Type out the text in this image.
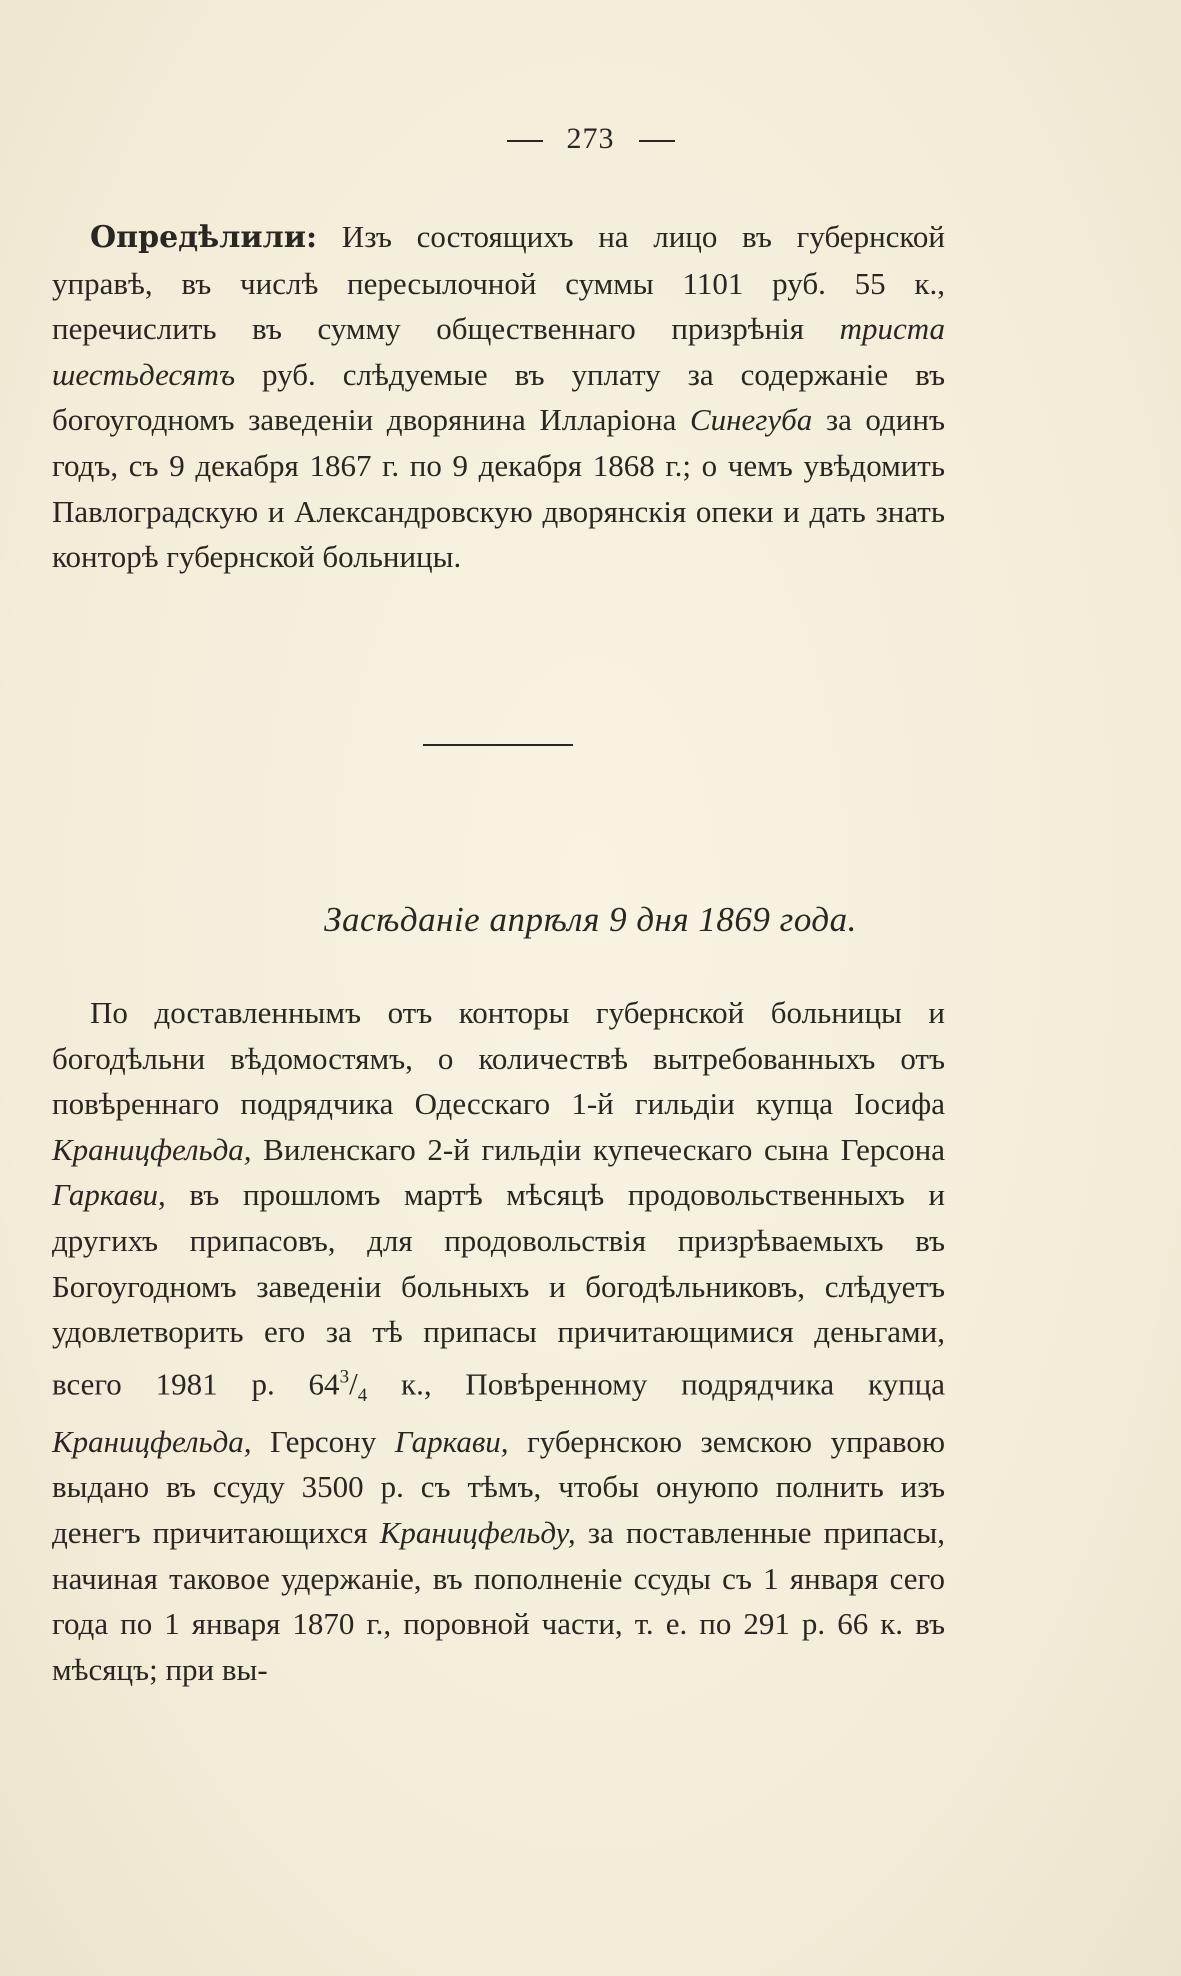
273
Опредѣлили: Изъ состоящихъ на лицо въ губернской управѣ, въ числѣ пересылочной суммы 1101 руб. 55 к., перечислить въ сумму общественнаго призрѣнія триста шестьдесятъ руб. слѣдуемые въ уплату за содержаніе въ богоугодномъ заведеніи дворянина Илларіона Синегуба за одинъ годъ, съ 9 декабря 1867 г. по 9 декабря 1868 г.; о чемъ увѣдомить Павлоградскую и Александровскую дворянскія опеки и дать знать конторѣ губернской больницы.
Засѣданіе апрѣля 9 дня 1869 года.
По доставленнымъ отъ конторы губернской больницы и богодѣльни вѣдомостямъ, о количествѣ вытребованныхъ отъ повѣреннаго подрядчика Одесскаго 1-й гильдіи купца Іосифа Краницфельда, Виленскаго 2-й гильдіи купеческаго сына Герсона Гаркави, въ прошломъ мартѣ мѣсяцѣ продовольственныхъ и другихъ припасовъ, для продовольствія призрѣваемыхъ въ Богоугодномъ заведеніи больныхъ и богодѣльниковъ, слѣдуетъ удовлетворить его за тѣ припасы причитающимися деньгами, всего 1981 р. $64^3/_4$ к., Повѣренному подрядчика купца Краницфельда, Герсону Гаркави, губернскою земскою управою выдано въ ссуду 3500 р. съ тѣмъ, чтобы онуюпо полнить изъ денегъ причитающихся Краницфельду, за поставленные припасы, начиная таковое удержаніе, въ пополненіе ссуды съ 1 января сего года по 1 января 1870 г., поровной части, т. е. по 291 р. 66 к. въ мѣсяцъ; при вы-
